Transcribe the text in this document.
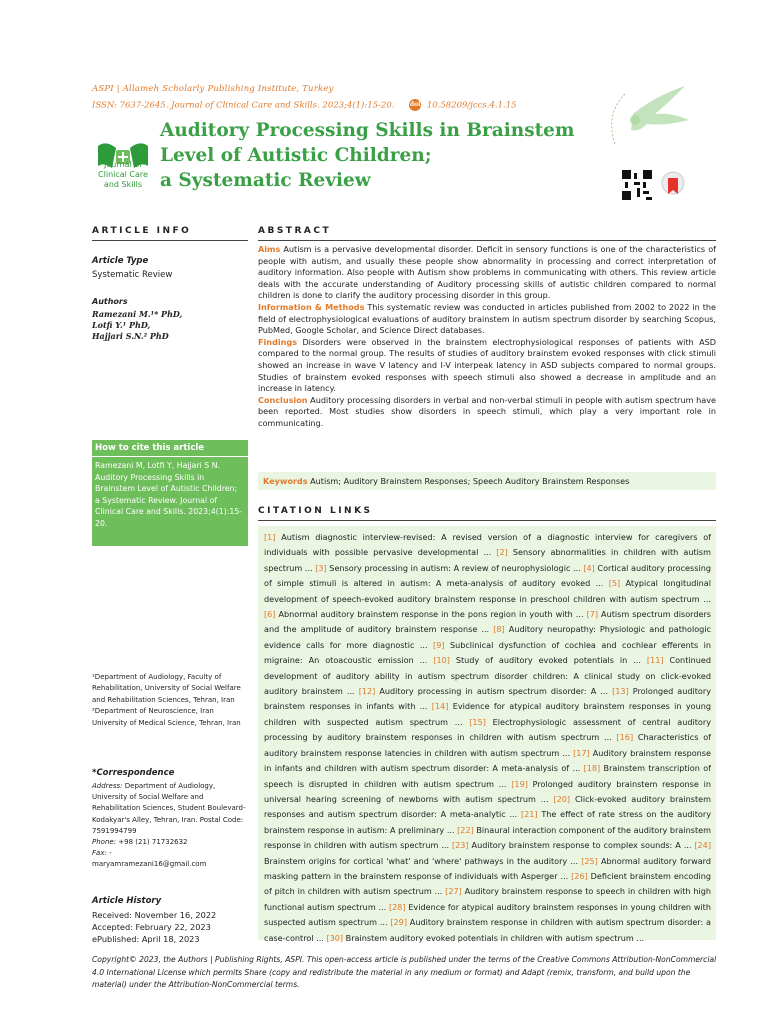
ASPI | Allameh Scholarly Publishing Institute, Turkey
ISSN: 7637-2645. Journal of Clinical Care and Skills. 2023;4(1):15-20.	doi 10.58209/jccs.4.1.15
Journal of
Clinical Care
and Skills
Auditory Processing Skills in Brainstem
Level of Autistic Children;
a Systematic Review
ARTICLE INFO
Article Type
Systematic Review
Authors
Ramezani M.¹* PhD,
Lotfi Y.¹ PhD,
Hajjari S.N.² PhD
How to cite this article
Ramezani M, Lotfi Y, Hajjari S N. Auditory Processing Skills in Brainstem Level of Autistic Children; a Systematic Review. Journal of Clinical Care and Skills. 2023;4(1):15-20.
¹Department of Audiology, Faculty of Rehabilitation, University of Social Welfare and Rehabilitation Sciences, Tehran, Iran
²Department of Neuroscience, Iran University of Medical Science, Tehran, Iran
*Correspondence
Address: Department of Audiology, University of Social Welfare and Rehabilitation Sciences, Student Boulevard-Kodakyar's Alley, Tehran, Iran. Postal Code: 7591994799
Phone: +98 (21) 71732632
Fax: -
maryamramezani16@gmail.com
Article History
Received: November 16, 2022
Accepted: February 22, 2023
ePublished: April 18, 2023
ABSTRACT

Aims Autism is a pervasive developmental disorder. Deficit in sensory functions is one of the characteristics of people with autism, and usually these people show abnormality in processing and correct interpretation of auditory information. Also people with Autism show problems in communicating with others. This review article deals with the accurate understanding of Auditory processing skills of autistic children compared to normal children is done to clarify the auditory processing disorder in this group.

Information & Methods This systematic review was conducted in articles published from 2002 to 2022 in the field of electrophysiological evaluations of auditory brainstem in autism spectrum disorder by searching Scopus, PubMed, Google Scholar, and Science Direct databases.

Findings Disorders were observed in the brainstem electrophysiological responses of patients with ASD compared to the normal group. The results of studies of auditory brainstem evoked responses with click stimuli showed an increase in wave V latency and I-V interpeak latency in ASD subjects compared to normal groups. Studies of brainstem evoked responses with speech stimuli also showed a decrease in amplitude and an increase in latency.

Conclusion Auditory processing disorders in verbal and non-verbal stimuli in people with autism spectrum have been reported. Most studies show disorders in speech stimuli, which play a very important role in communicating.

Keywords Autism; Auditory Brainstem Responses; Speech Auditory Brainstem Responses
CITATION LINKS
[1] Autism diagnostic interview-revised: A revised version of a diagnostic interview for caregivers of individuals with possible pervasive developmental ... [2] Sensory abnormalities in children with autism spectrum ... [3] Sensory processing in autism: A review of neurophysiologic ... [4] Cortical auditory processing of simple stimuli is altered in autism: A meta-analysis of auditory evoked ... [5] Atypical longitudinal development of speech-evoked auditory brainstem response in preschool children with autism spectrum ... [6] Abnormal auditory brainstem response in the pons region in youth with ... [7] Autism spectrum disorders and the amplitude of auditory brainstem response ... [8] Auditory neuropathy: Physiologic and pathologic evidence calls for more diagnostic ... [9] Subclinical dysfunction of cochlea and cochlear efferents in migraine: An otoacoustic emission ... [10] Study of auditory evoked potentials in ... [11] Continued development of auditory ability in autism spectrum disorder children: A clinical study on click-evoked auditory brainstem ... [12] Auditory processing in autism spectrum disorder: A ... [13] Prolonged auditory brainstem responses in infants with ... [14] Evidence for atypical auditory brainstem responses in young children with suspected autism spectrum ... [15] Electrophysiologic assessment of central auditory processing by auditory brainstem responses in children with autism spectrum ... [16] Characteristics of auditory brainstem response latencies in children with autism spectrum ... [17] Auditory brainstem response in infants and children with autism spectrum disorder: A meta-analysis of ... [18] Brainstem transcription of speech is disrupted in children with autism spectrum ... [19] Prolonged auditory brainstem response in universal hearing screening of newborns with autism spectrum ... [20] Click-evoked auditory brainstem responses and autism spectrum disorder: A meta-analytic ... [21] The effect of rate stress on the auditory brainstem response in autism: A preliminary ... [22] Binaural interaction component of the auditory brainstem response in children with autism spectrum ... [23] Auditory brainstem response to complex sounds: A ... [24] Brainstem origins for cortical 'what' and 'where' pathways in the auditory ... [25] Abnormal auditory forward masking pattern in the brainstem response of individuals with Asperger ... [26] Deficient brainstem encoding of pitch in children with autism spectrum ... [27] Auditory brainstem response to speech in children with high functional autism spectrum ... [28] Evidence for atypical auditory brainstem responses in young children with suspected autism spectrum ... [29] Auditory brainstem response in children with autism spectrum disorder: a case-control ... [30] Brainstem auditory evoked potentials in children with autism spectrum ...
Copyright© 2023, the Authors | Publishing Rights, ASPI. This open-access article is published under the terms of the Creative Commons Attribution-NonCommercial 4.0 International License which permits Share (copy and redistribute the material in any medium or format) and Adapt (remix, transform, and build upon the material) under the Attribution-NonCommercial terms.
